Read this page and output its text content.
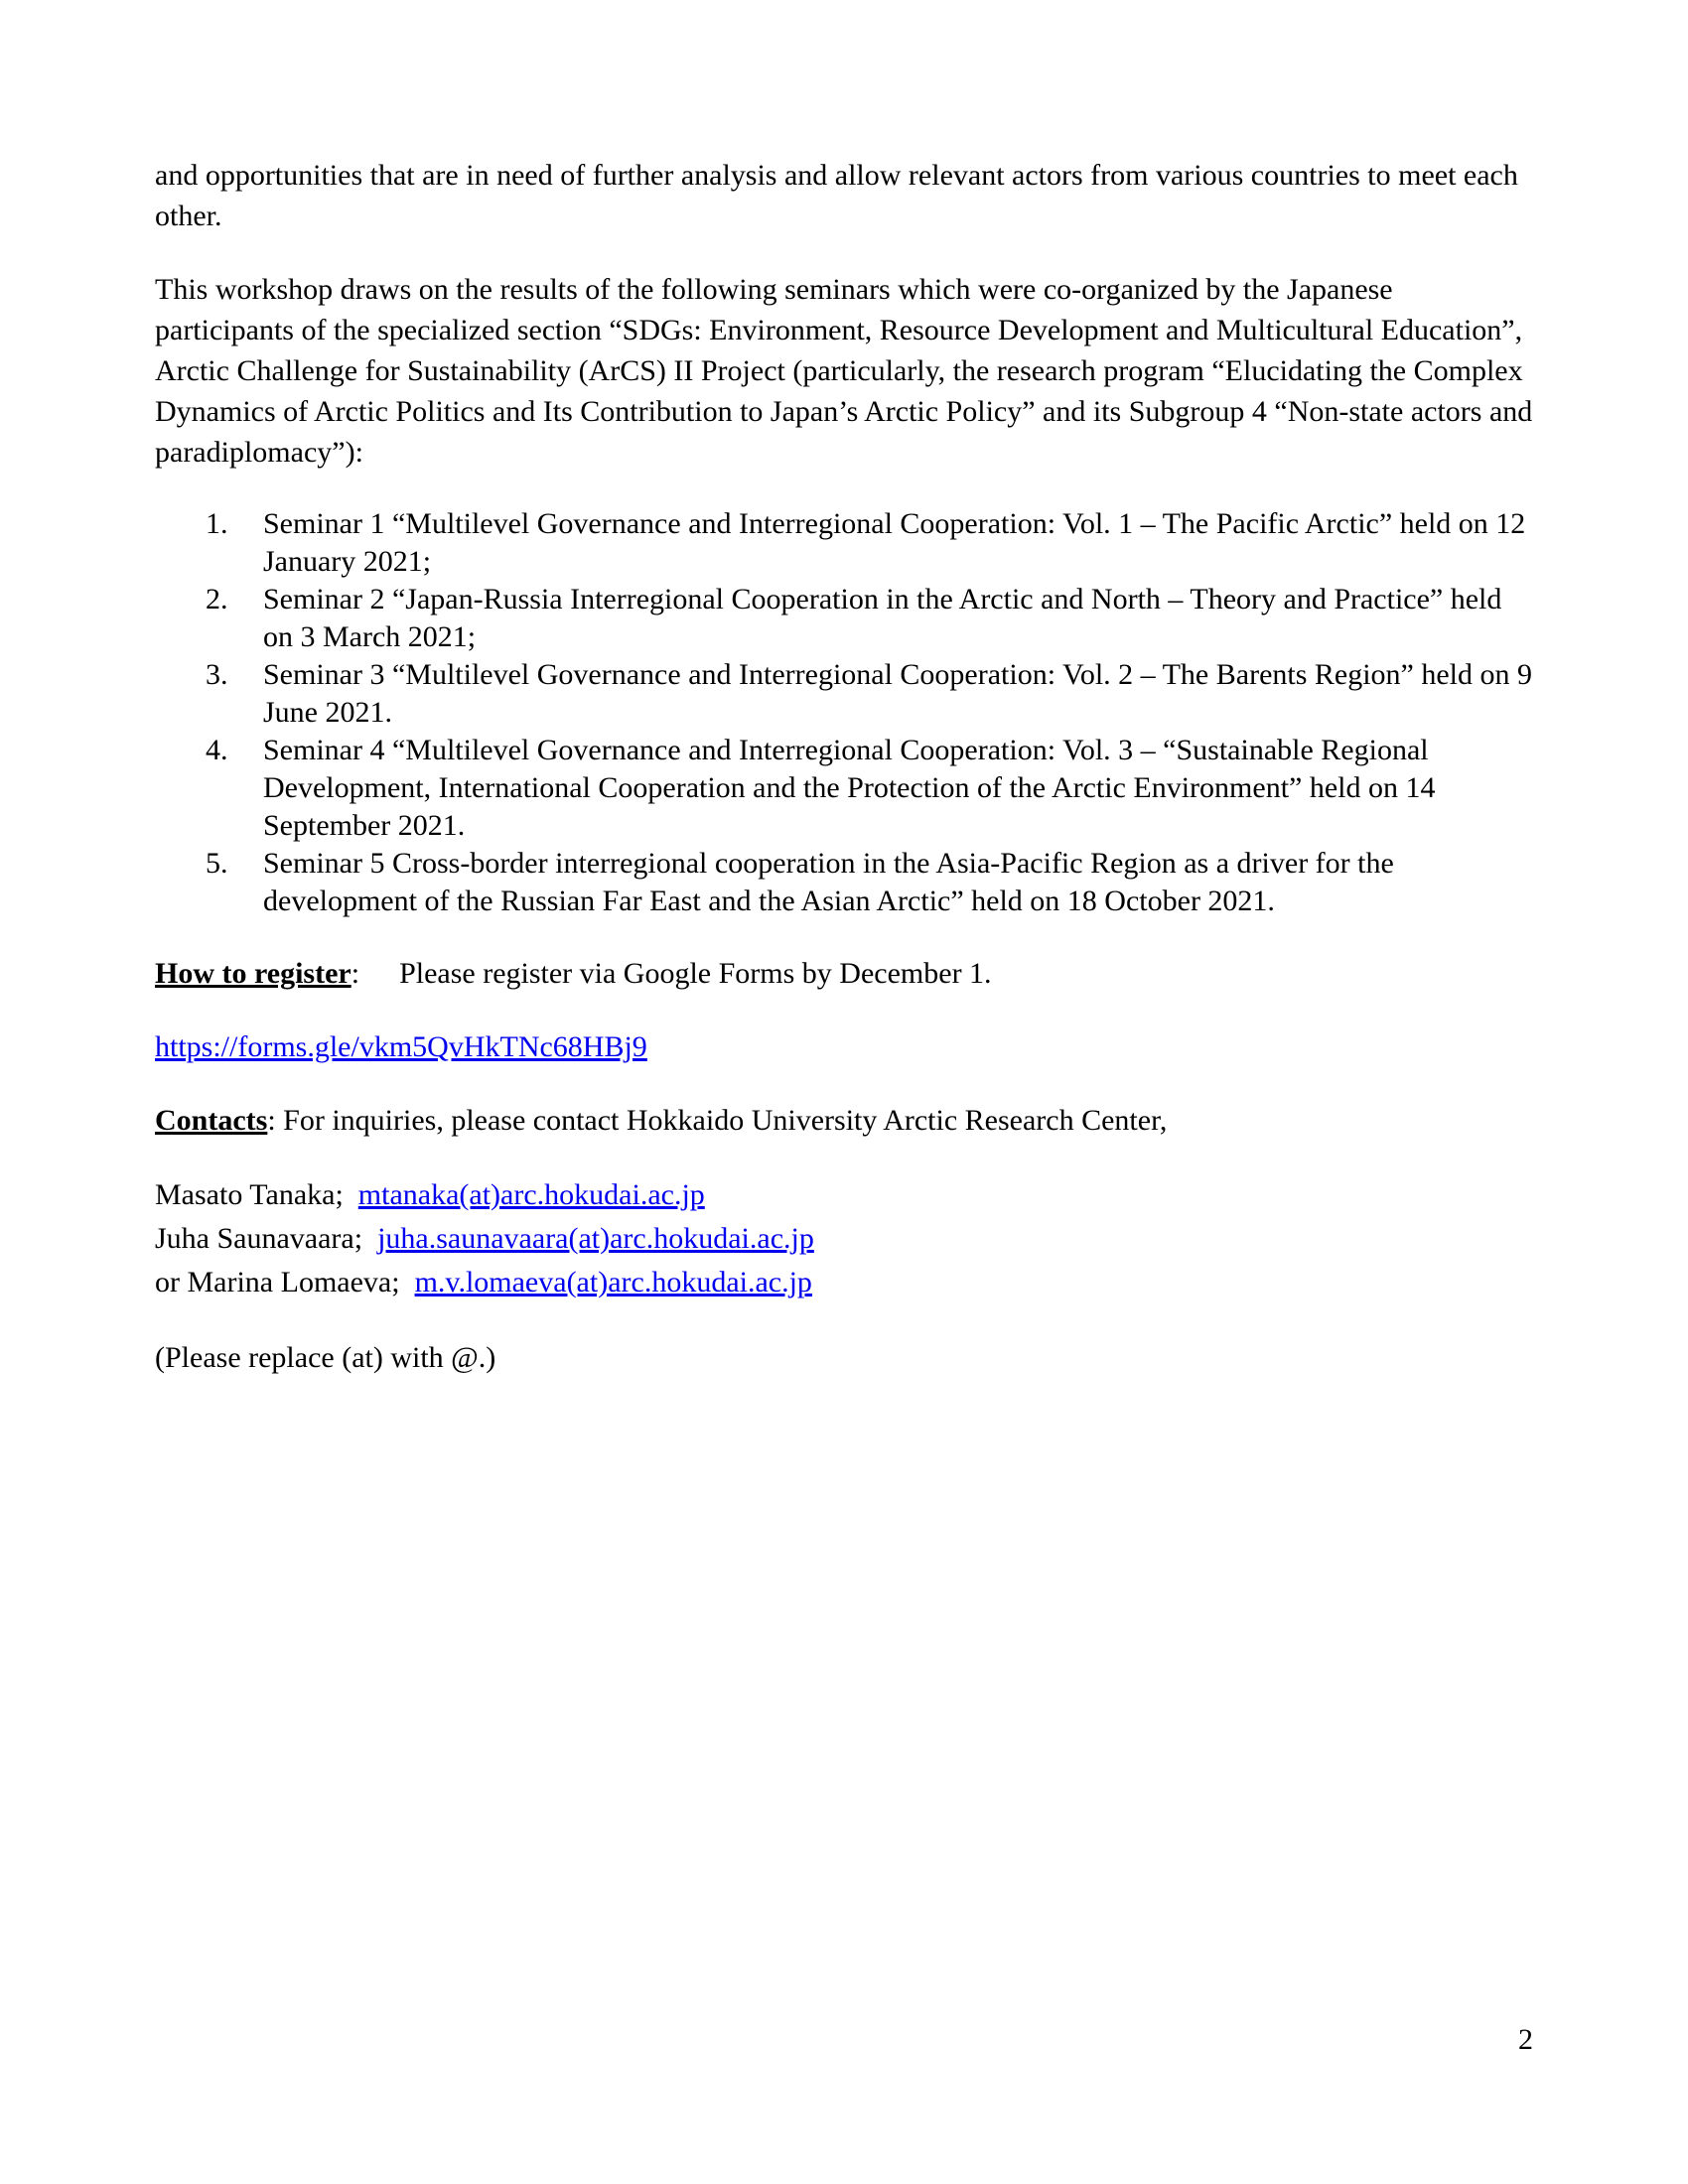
and opportunities that are in need of further analysis and allow relevant actors from various countries to meet each other.

This workshop draws on the results of the following seminars which were co-organized by the Japanese participants of the specialized section “SDGs: Environment, Resource Development and Multicultural Education”, Arctic Challenge for Sustainability (ArCS) II Project (particularly, the research program “Elucidating the Complex Dynamics of Arctic Politics and Its Contribution to Japan’s Arctic Policy” and its Subgroup 4 “Non-state actors and paradiplomacy”):

1. Seminar 1 “Multilevel Governance and Interregional Cooperation: Vol. 1 – The Pacific Arctic” held on 12 January 2021;
2. Seminar 2 “Japan-Russia Interregional Cooperation in the Arctic and North – Theory and Practice” held on 3 March 2021;
3. Seminar 3 “Multilevel Governance and Interregional Cooperation: Vol. 2 – The Barents Region” held on 9 June 2021.
4. Seminar 4 “Multilevel Governance and Interregional Cooperation: Vol. 3 – “Sustainable Regional Development, International Cooperation and the Protection of the Arctic Environment” held on 14 September 2021.
5. Seminar 5 Cross-border interregional cooperation in the Asia-Pacific Region as a driver for the development of the Russian Far East and the Asian Arctic” held on 18 October 2021.

How to register: Please register via Google Forms by December 1.

https://forms.gle/vkm5QvHkTNc68HBj9

Contacts: For inquiries, please contact Hokkaido University Arctic Research Center,

Masato Tanaka; mtanaka(at)arc.hokudai.ac.jp
Juha Saunavaara; juha.saunavaara(at)arc.hokudai.ac.jp
or Marina Lomaeva; m.v.lomaeva(at)arc.hokudai.ac.jp

(Please replace (at) with @.)

2
